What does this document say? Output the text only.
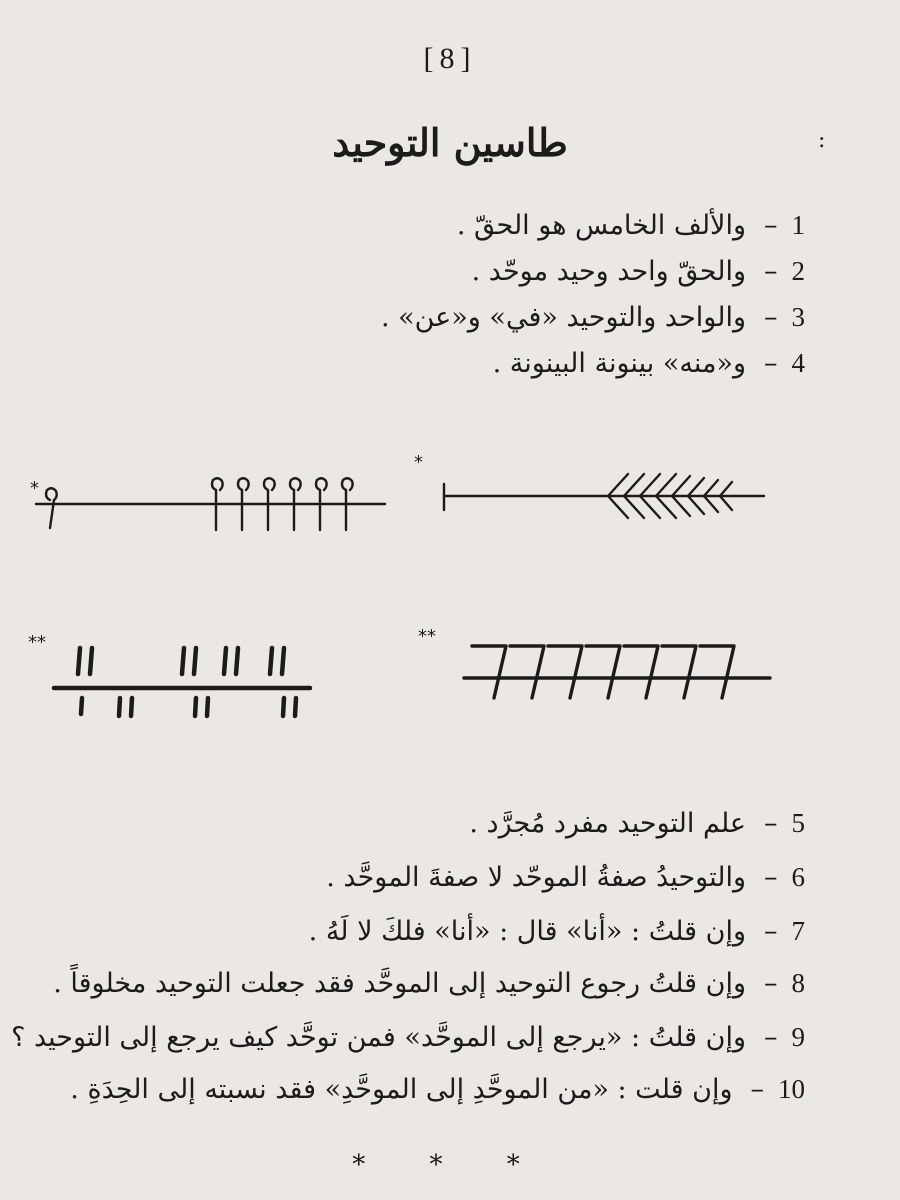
[8]
طاسين التوحيد	:
1
–
والألف الخامس هو الحقّ .
2
–
والحقّ واحد وحيد موحّد .
3
–
والواحد والتوحيد «في» و«عن» .
4
–
و«منه» بينونة البينونة .
*
*
**	**
5
–
علم التوحيد مفرد مُجرَّد .
6
–
والتوحيدُ صفةُ الموحّد لا صفةَ الموحَّد .
7
–
وإن قلتُ : «أنا» قال : «أنا» فلكَ لا لَهُ .
8
–
وإن قلتُ رجوع التوحيد إلى الموحَّد فقد جعلت التوحيد مخلوقاً .
9
–
وإن قلتُ : «يرجع إلى الموحَّد» فمن توحَّد كيف يرجع إلى التوحيد ؟
10
–
وإن قلت : «من الموحَّدِ إلى الموحَّدِ» فقد نسبته إلى الحِدَةِ .
* * *
